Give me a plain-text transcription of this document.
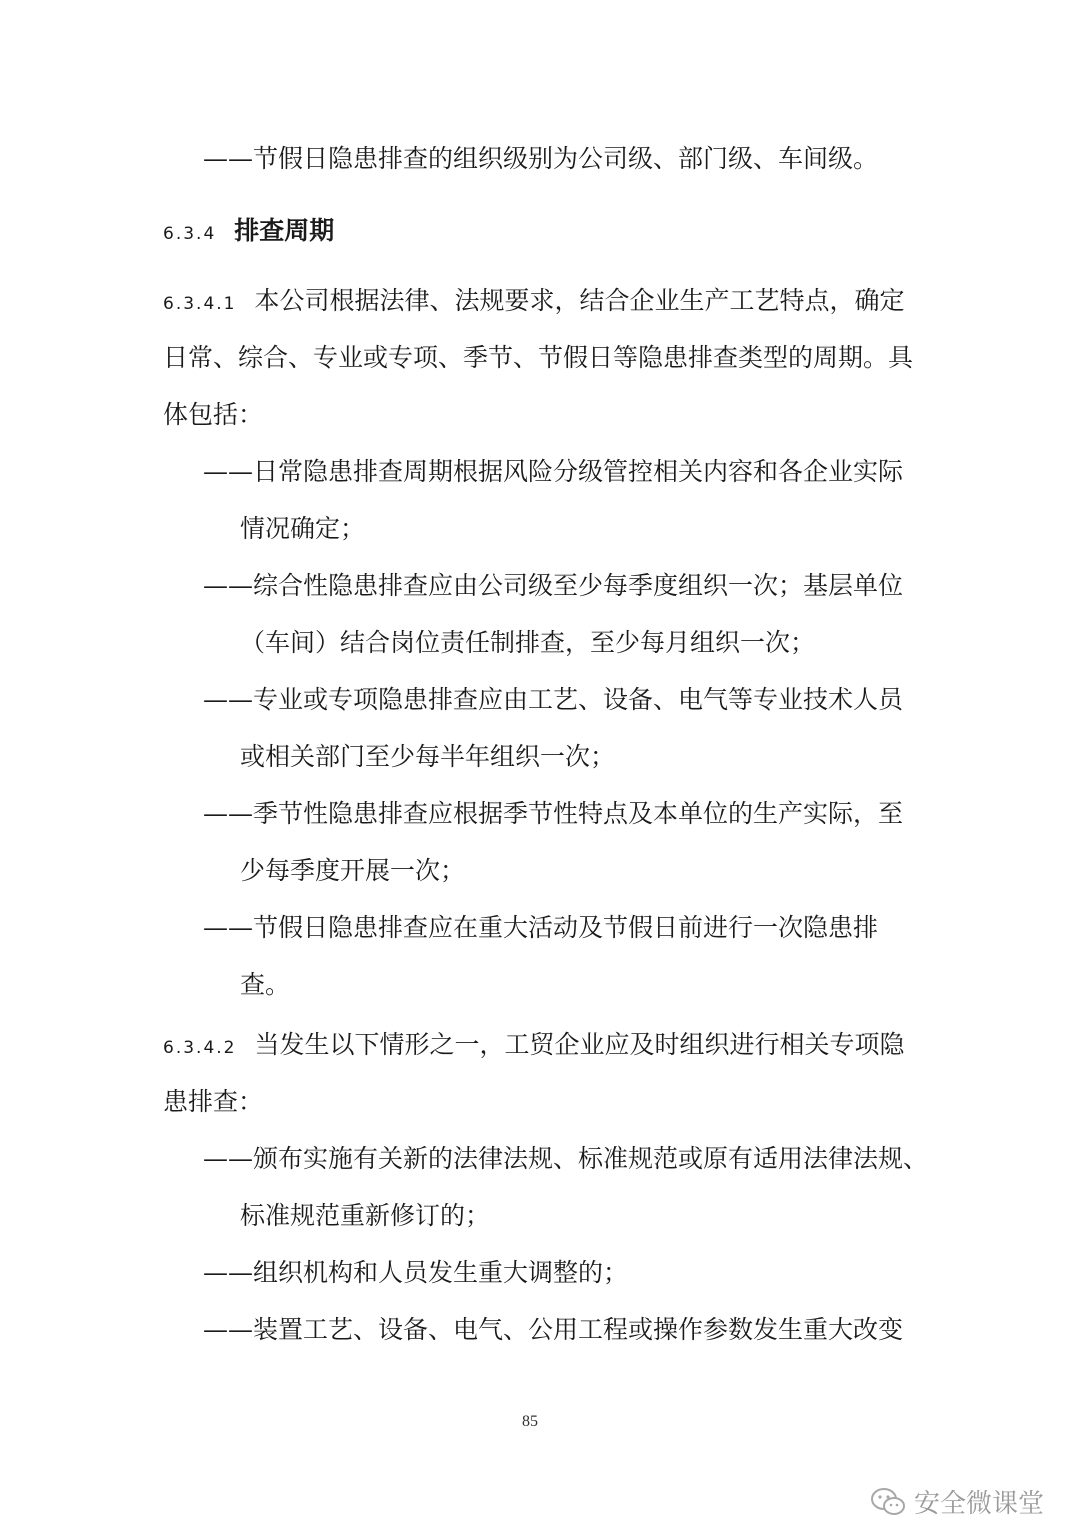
——节假日隐患排查的组织级别为公司级、部门级、车间级。
6.3.4 排查周期
6.3.4.1 本公司根据法律、法规要求，结合企业生产工艺特点，确定
日常、综合、专业或专项、季节、节假日等隐患排查类型的周期。具
体包括：
——日常隐患排查周期根据风险分级管控相关内容和各企业实际
情况确定；
——综合性隐患排查应由公司级至少每季度组织一次；基层单位
（车间）结合岗位责任制排查，至少每月组织一次；
——专业或专项隐患排查应由工艺、设备、电气等专业技术人员
或相关部门至少每半年组织一次；
——季节性隐患排查应根据季节性特点及本单位的生产实际，至
少每季度开展一次；
——节假日隐患排查应在重大活动及节假日前进行一次隐患排
查。
6.3.4.2 当发生以下情形之一，工贸企业应及时组织进行相关专项隐
患排查：
——颁布实施有关新的法律法规、标准规范或原有适用法律法规、
标准规范重新修订的；
——组织机构和人员发生重大调整的；
——装置工艺、设备、电气、公用工程或操作参数发生重大改变
85
安全微课堂
